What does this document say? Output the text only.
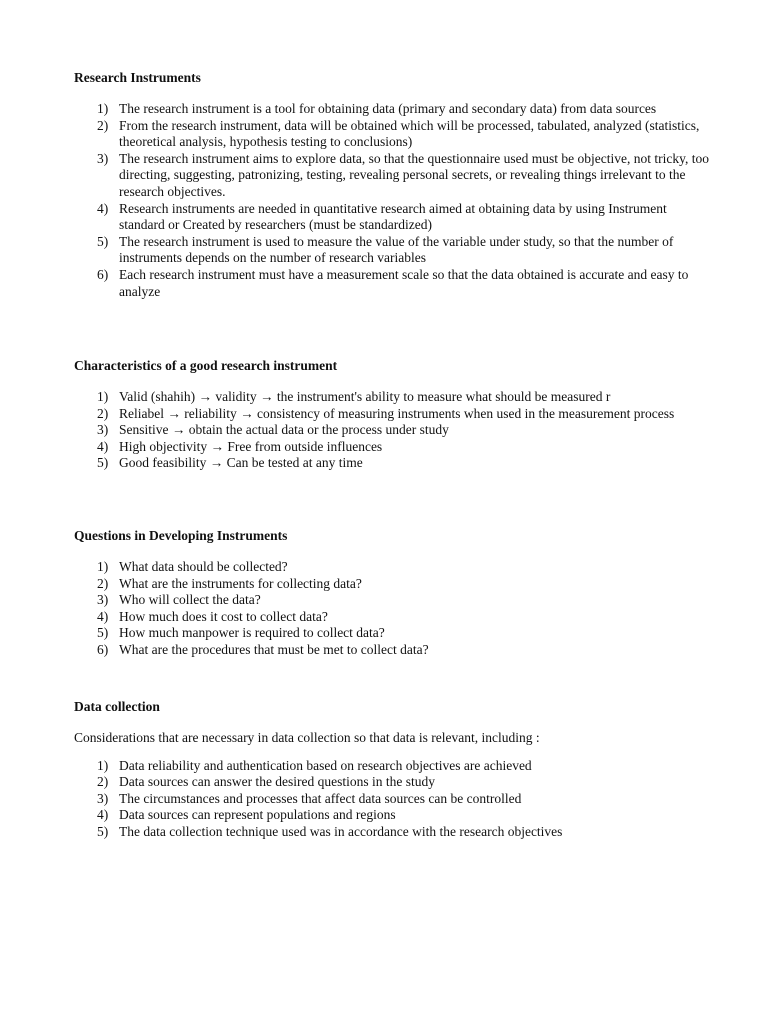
Research Instruments
1) The research instrument is a tool for obtaining data (primary and secondary data) from data sources
2) From the research instrument, data will be obtained which will be processed, tabulated, analyzed (statistics, theoretical analysis, hypothesis testing to conclusions)
3) The research instrument aims to explore data, so that the questionnaire used must be objective, not tricky, too directing, suggesting, patronizing, testing, revealing personal secrets, or revealing things irrelevant to the research objectives.
4) Research instruments are needed in quantitative research aimed at obtaining data by using Instrument standard or Created by researchers (must be standardized)
5) The research instrument is used to measure the value of the variable under study, so that the number of instruments depends on the number of research variables
6) Each research instrument must have a measurement scale so that the data obtained is accurate and easy to analyze
Characteristics of a good research instrument
1) Valid (shahih) → validity → the instrument's ability to measure what should be measured r
2) Reliabel → reliability → consistency of measuring instruments when used in the measurement process
3) Sensitive → obtain the actual data or the process under study
4) High objectivity → Free from outside influences
5) Good feasibility → Can be tested at any time
Questions in Developing Instruments
1) What data should be collected?
2) What are the instruments for collecting data?
3) Who will collect the data?
4) How much does it cost to collect data?
5) How much manpower is required to collect data?
6) What are the procedures that must be met to collect data?
Data collection

Considerations that are necessary in data collection so that data is relevant, including :

1) Data reliability and authentication based on research objectives are achieved
2) Data sources can answer the desired questions in the study
3) The circumstances and processes that affect data sources can be controlled
4) Data sources can represent populations and regions
5) The data collection technique used was in accordance with the research objectives
